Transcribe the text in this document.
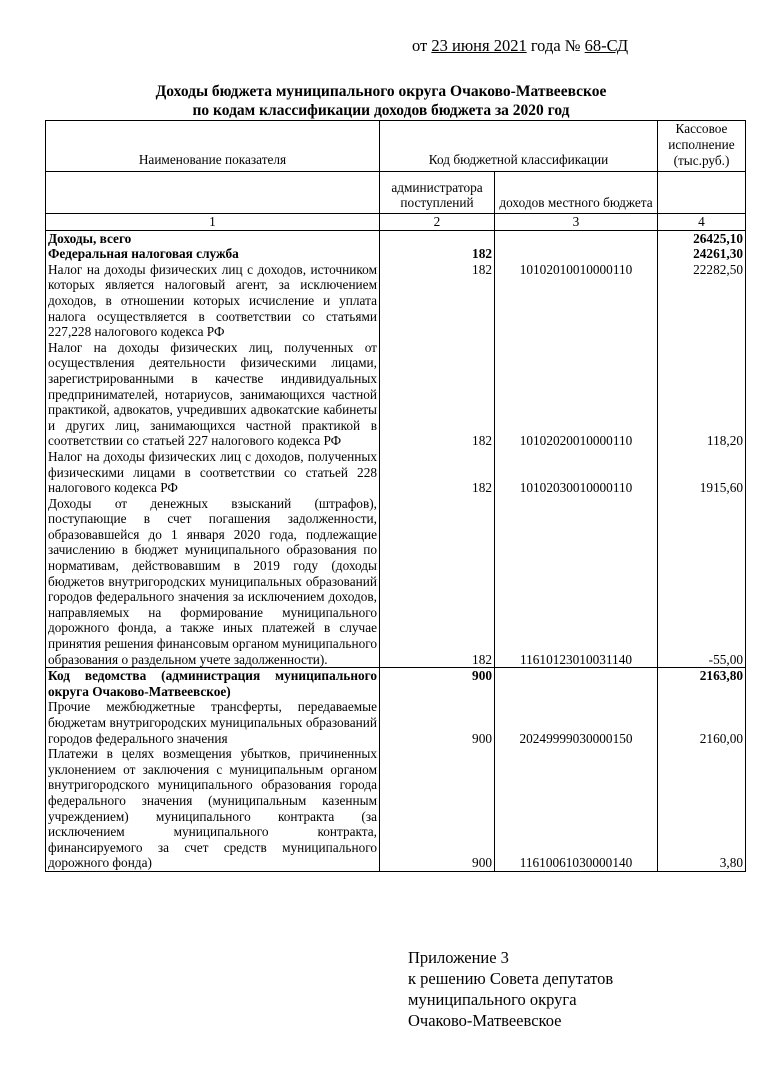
от 23 июня 2021 года № 68-СД
Доходы бюджета муниципального округа Очаково-Матвеевское
по кодам классификации доходов бюджета за 2020 год
Наименование показателя	Код бюджетной классификации		Кассовое исполнение (тыс.руб.)
	администратора поступлений	доходов местного бюджета	
1	2	3	4
Доходы, всего			26425,10
Федеральная налоговая служба	182		24261,30
Налог на доходы физических лиц с доходов, источником которых является налоговый агент, за исключением доходов, в отношении которых исчисление и уплата налога осуществляется в соответствии со статьями 227,228 налогового кодекса РФ	182	10102010010000110	22282,50
Налог на доходы физических лиц, полученных от осуществления деятельности физическими лицами, зарегистрированными в качестве индивидуальных предпринимателей, нотариусов, занимающихся частной практикой, адвокатов, учредивших адвокатские кабинеты и других лиц, занимающихся частной практикой в соответствии со статьей 227 налогового кодекса РФ	182	10102020010000110	118,20
Налог на доходы физических лиц с доходов, полученных физическими лицами в соответствии со статьей 228 налогового кодекса РФ	182	10102030010000110	1915,60
Доходы от денежных взысканий (штрафов), поступающие в счет погашения задолженности, образовавшейся до 1 января 2020 года, подлежащие зачислению в бюджет муниципального образования по нормативам, действовавшим в 2019 году (доходы бюджетов внутригородских муниципальных образований городов федерального значения за исключением доходов, направляемых на формирование муниципального дорожного фонда, а также иных платежей в случае принятия решения финансовым органом муниципального образования о раздельном учете задолженности).	182	11610123010031140	-55,00
Код ведомства (администрация муниципального округа Очаково-Матвеевское)	900		2163,80
Прочие межбюджетные трансферты, передаваемые бюджетам внутригородских муниципальных образований городов федерального значения	900	20249999030000150	2160,00
Платежи в целях возмещения убытков, причиненных уклонением от заключения с муниципальным органом внутригородского муниципального образования города федерального значения (муниципальным казенным учреждением) муниципального контракта (за исключением муниципального контракта, финансируемого за счет средств муниципального дорожного фонда)	900	11610061030000140	3,80
Приложение 3
к решению Совета депутатов
муниципального округа
Очаково-Матвеевское
